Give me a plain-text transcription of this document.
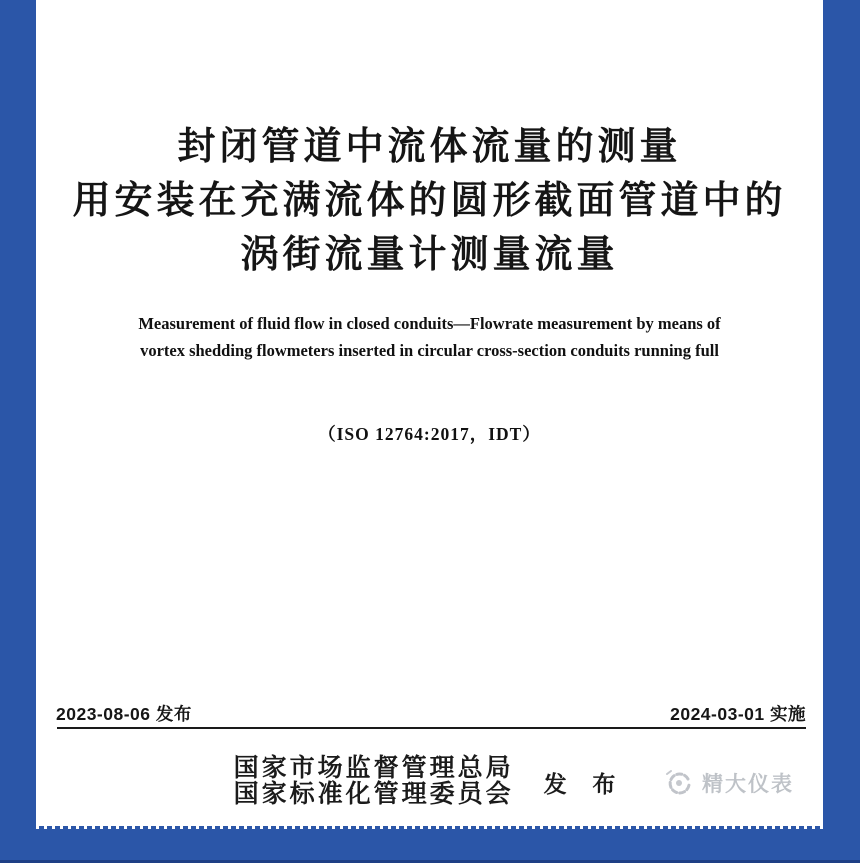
封闭管道中流体流量的测量
用安装在充满流体的圆形截面管道中的
涡街流量计测量流量
Measurement of fluid flow in closed conduits—Flowrate measurement by means of
vortex shedding flowmeters inserted in circular cross-section conduits running full
（ISO 12764:2017，IDT）
2023-08-06 发布	2024-03-01 实施
国家市场监督管理总局
国家标准化管理委员会 发 布	精大仪表
